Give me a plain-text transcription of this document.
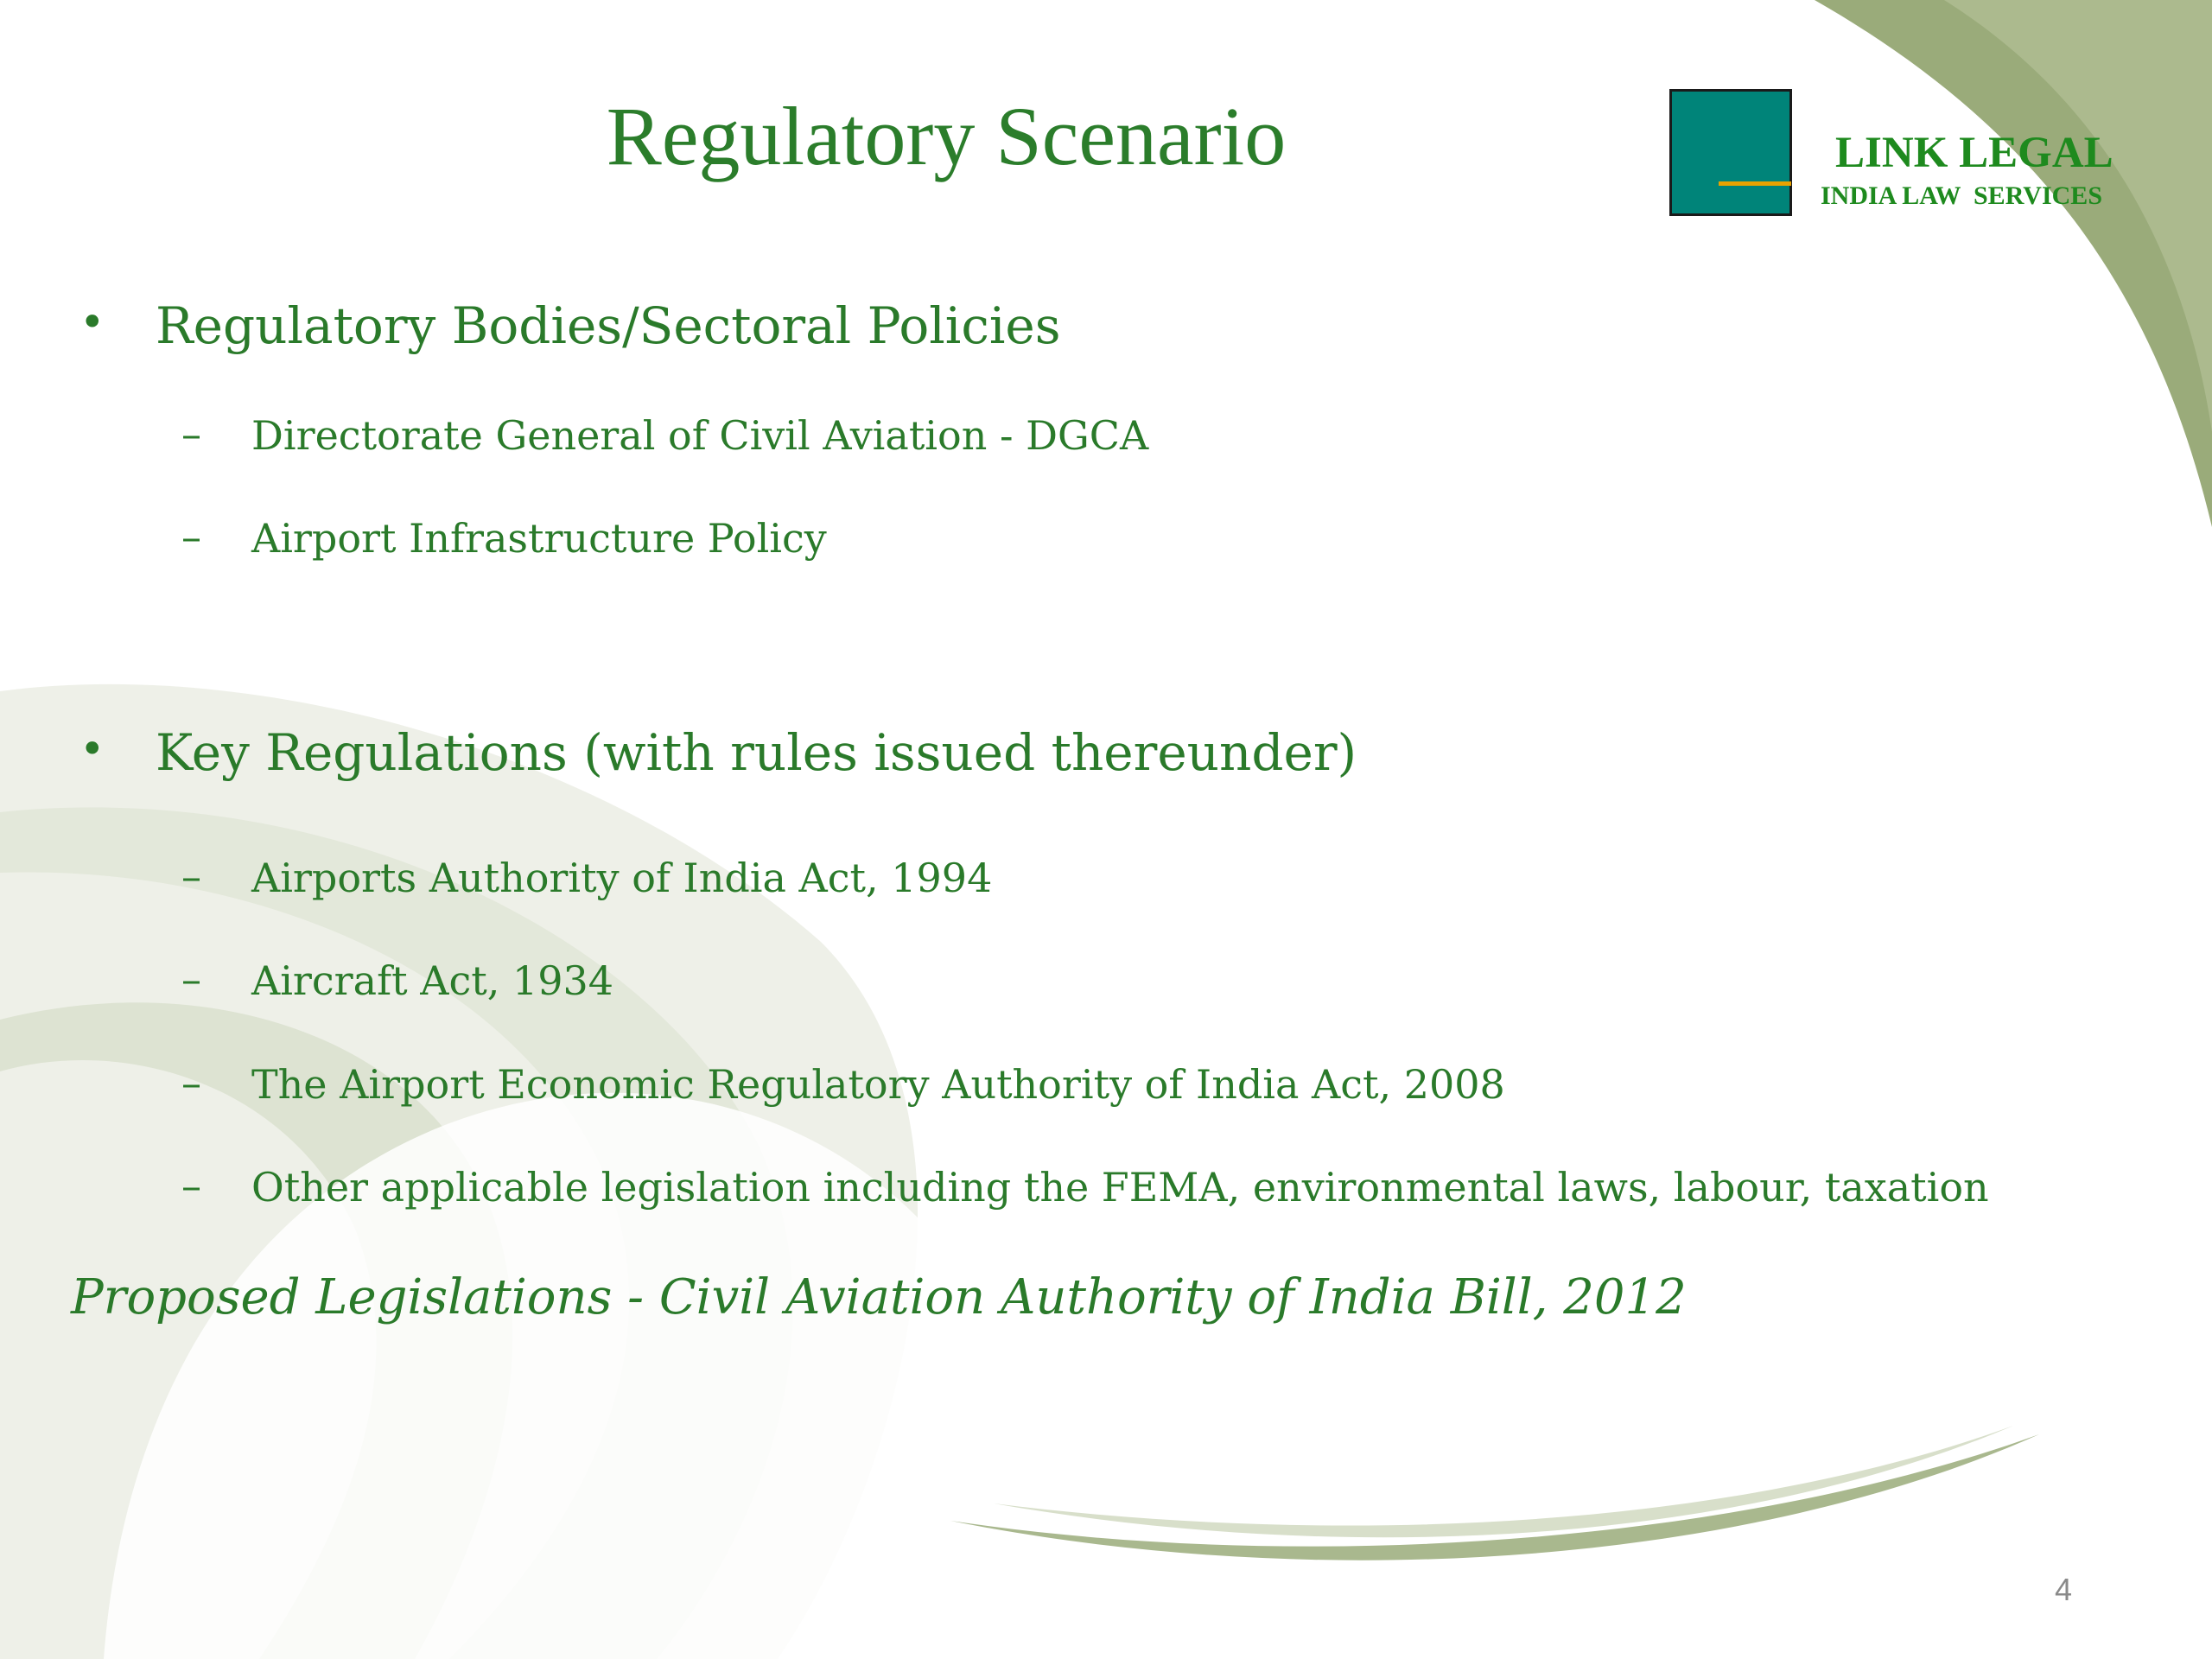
Regulatory Scenario	LINK LEGAL
INDIA LAW  SERVICES
• Regulatory Bodies/Sectoral Policies
– Directorate General of Civil Aviation - DGCA
– Airport Infrastructure Policy
• Key Regulations (with rules issued thereunder)
– Airports Authority of India Act, 1994
– Aircraft Act, 1934
– The Airport Economic Regulatory Authority of India Act, 2008
– Other applicable legislation including the FEMA, environmental laws, labour, taxation
Proposed Legislations - Civil Aviation Authority of India Bill, 2012
4
